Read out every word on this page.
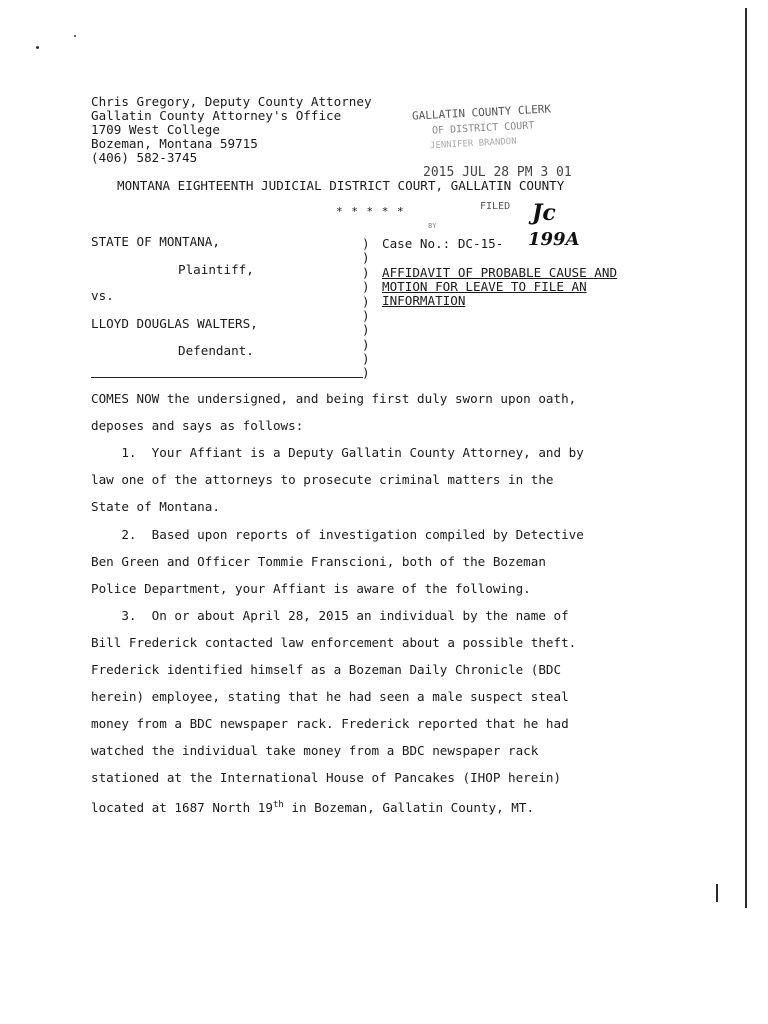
Chris Gregory, Deputy County Attorney
Gallatin County Attorney's Office
1709 West College
Bozeman, Montana 59715
(406) 582-3745
GALLATIN COUNTY CLERK
OF DISTRICT COURT
JENNIFER BRANDON
2015 JUL 28 PM 3 01
FILED
BY	Jc
MONTANA EIGHTEENTH JUDICIAL DISTRICT COURT, GALLATIN COUNTY
* * * * *
STATE OF MONTANA,
Plaintiff,
vs.
LLOYD DOUGLAS WALTERS,
Defendant.
)
)
)
)
)
)
)
)
)
)
Case No.: DC-15- 199A
AFFIDAVIT OF PROBABLE CAUSE AND
MOTION FOR LEAVE TO FILE AN
INFORMATION
COMES NOW the undersigned, and being first duly sworn upon oath,
deposes and says as follows:
1.  Your Affiant is a Deputy Gallatin County Attorney, and by
law one of the attorneys to prosecute criminal matters in the
State of Montana.
2.  Based upon reports of investigation compiled by Detective
Ben Green and Officer Tommie Franscioni, both of the Bozeman
Police Department, your Affiant is aware of the following.
3.  On or about April 28, 2015 an individual by the name of
Bill Frederick contacted law enforcement about a possible theft.
Frederick identified himself as a Bozeman Daily Chronicle (BDC
herein) employee, stating that he had seen a male suspect steal
money from a BDC newspaper rack. Frederick reported that he had
watched the individual take money from a BDC newspaper rack
stationed at the International House of Pancakes (IHOP herein)
located at 1687 North 19th in Bozeman, Gallatin County, MT.
